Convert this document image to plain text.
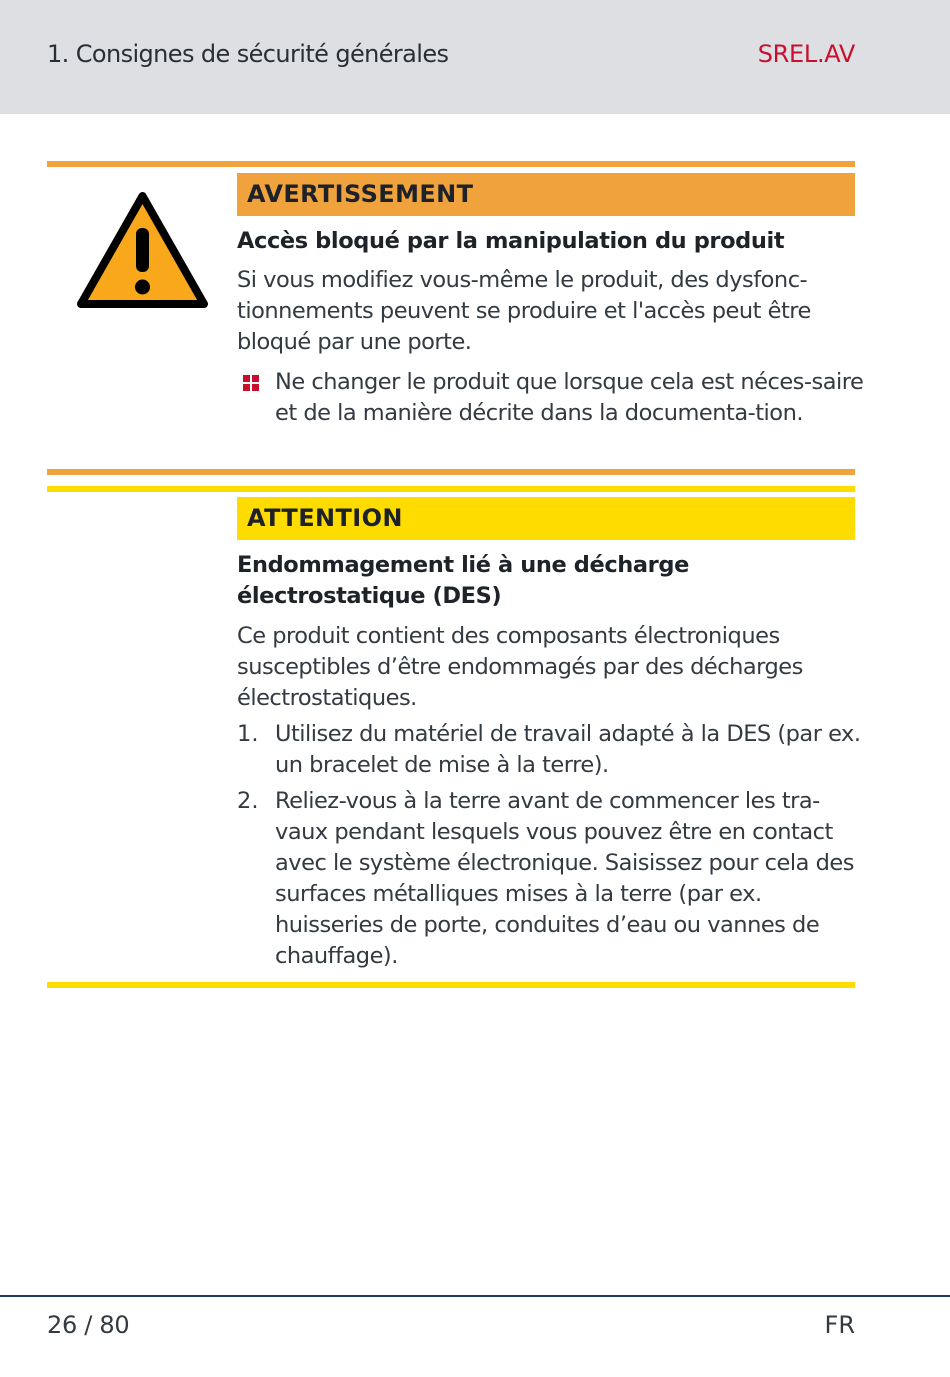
1. Consignes de sécurité générales	SREL.AV
AVERTISSEMENT
Accès bloqué par la manipulation du produit
Si vous modifiez vous-même le produit, des dysfonc-tionnements peuvent se produire et l'accès peut être bloqué par une porte.
Ne changer le produit que lorsque cela est néces-saire et de la manière décrite dans la documenta-tion.
ATTENTION
Endommagement lié à une décharge électrostatique (DES)
Ce produit contient des composants électroniques susceptibles d’être endommagés par des décharges électrostatiques.
1. Utilisez du matériel de travail adapté à la DES (par ex. un bracelet de mise à la terre).
2. Reliez-vous à la terre avant de commencer les tra-vaux pendant lesquels vous pouvez être en contact avec le système électronique. Saisissez pour cela des surfaces métalliques mises à la terre (par ex. huisseries de porte, conduites d’eau ou vannes de chauffage).
26 / 80	FR
